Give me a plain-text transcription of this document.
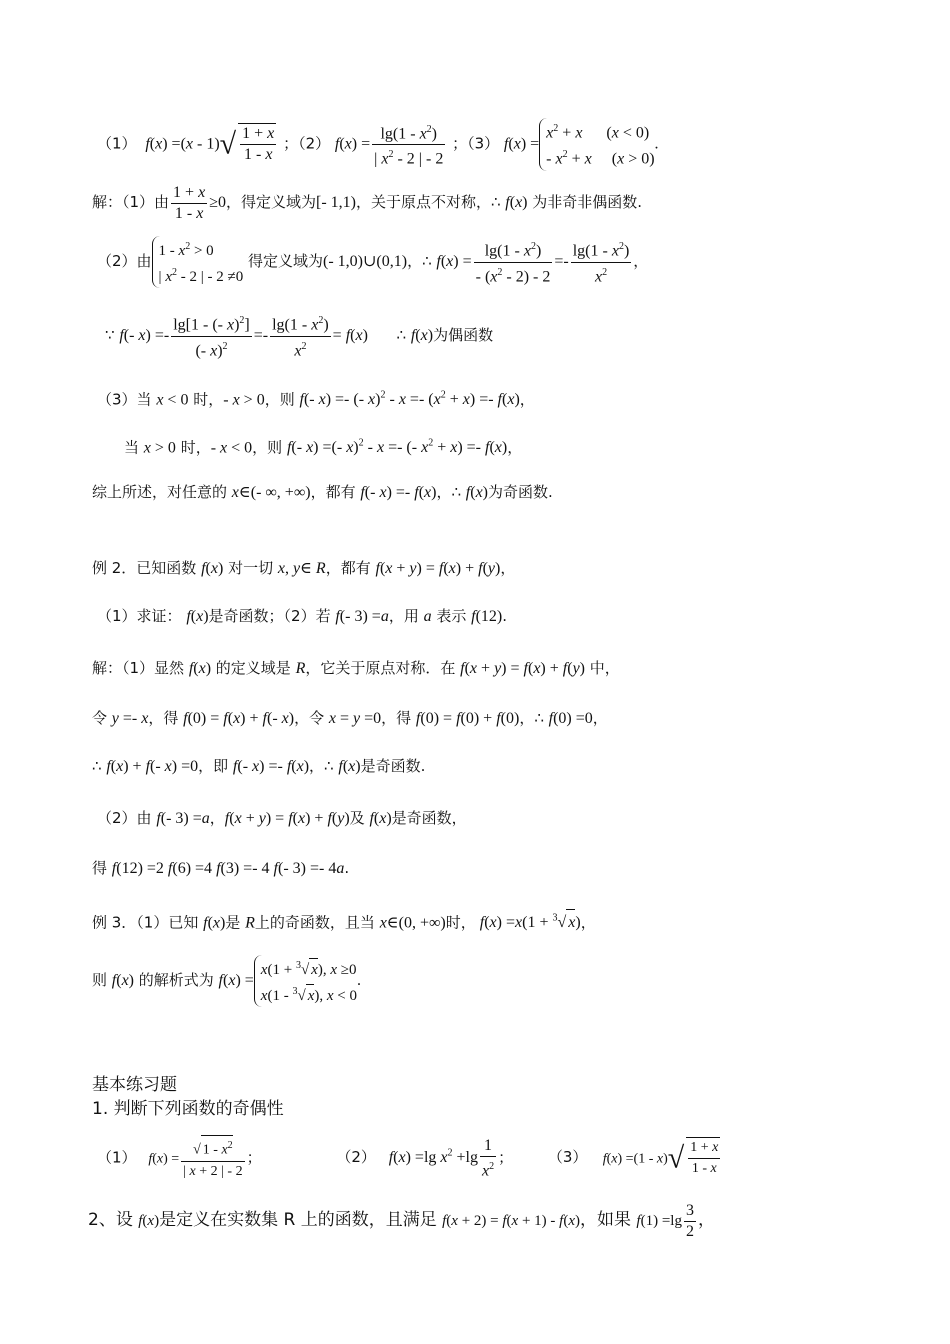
（1） $f(x) =(x - 1)√ \frac{1 + x}{1 - x}$ ；（2） $f(x) = \frac{\lg(1 - x^2)}{| x^2 - 2 | - 2}$ ；（3） f(x) =
$x^2 + x$      (x < 0)
- $x^2 + x$     (x > 0)
.
解：（1）由 $\frac{1 + x}{1 - x} \ge 0$，得定义域为[- 1,1)，关于原点不对称，∴ f(x) 为非奇非偶函数.
（2）由
$1 - x^2 > 0$
| $x^2 - 2$ | - 2 ≠0
得定义域为(- 1,0)∪(0,1)，∴ $f(x) = \frac{\lg(1 - x^2)}{- (x^2 - 2) - 2} =- \frac{\lg(1 - x^2)}{x^2}$ ，
∵ f(- $x) =- \frac{\lg[1 - (- x)^2]}{(- x)^2} =- \frac{\lg(1 - x^2)}{x^2} = f(x)$      ∴ f(x)为偶函数
（3）当 x < 0 时，- x > 0，则 f(- x) =- (- $x)^2 - x =- (x^2 + x) =- f(x)$，
当 x > 0 时，- x < 0，则 f(- x) =(- x)$^2$ - x =- (- $x^2 + x) =- f(x)$，
综上所述，对任意的 x∈(- ∞, +∞)，都有 f(- x) =- f(x)，∴ f(x)为奇函数.
例 2．已知函数 f(x) 对一切 x, y∈ R，都有 f(x + y) = f(x) + f(y)，
（1）求证： f(x)是奇函数；（2）若 f(- 3) =a，用 a 表示 f(12).
解：（1）显然 f(x) 的定义域是 R，它关于原点对称．在 f(x + y) = f(x) + f(y) 中，
令 y =- x，得 f(0) = f(x) + f(- x)，令 x = y =0，得 f(0) = f(0) + f(0)，∴ f(0) =0，
∴ f(x) + f(- x) =0，即 f(- x) =- f(x)，∴ f(x)是奇函数.
（2）由 f(- 3) =a，f(x + y) = f(x) + f(y)及 f(x)是奇函数，
得 f(12) =2 f(6) =4 f(3) =- 4 f(- 3) =- 4a.
例 3．（1）已知 f(x)是 R上的奇函数，且当 x∈(0, +∞)时， f(x) =x(1 + $^3$√ x)，
则 f(x) 的解析式为 f(x) =
x(1 + $^3$√ x), x ≥0
x(1 - $^3$√ x), x < 0
.
基本练习题
1. 判断下列函数的奇偶性
（1） $f(x) = \frac{√ 1 - x^2}{| x + 2 | - 2}$ ；	（2） f(x) =lg $x^2 +\lg \frac{1}{x^2}$ ； （3） $f(x) =(1 - x)√ \frac{1 + x}{1 - x}$
2、设 f(x)是定义在实数集 R 上的函数，且满足 f(x + 2) = f(x + 1) - f(x)，如果 $f(1) =\lg \frac{3}{2}$ ，
